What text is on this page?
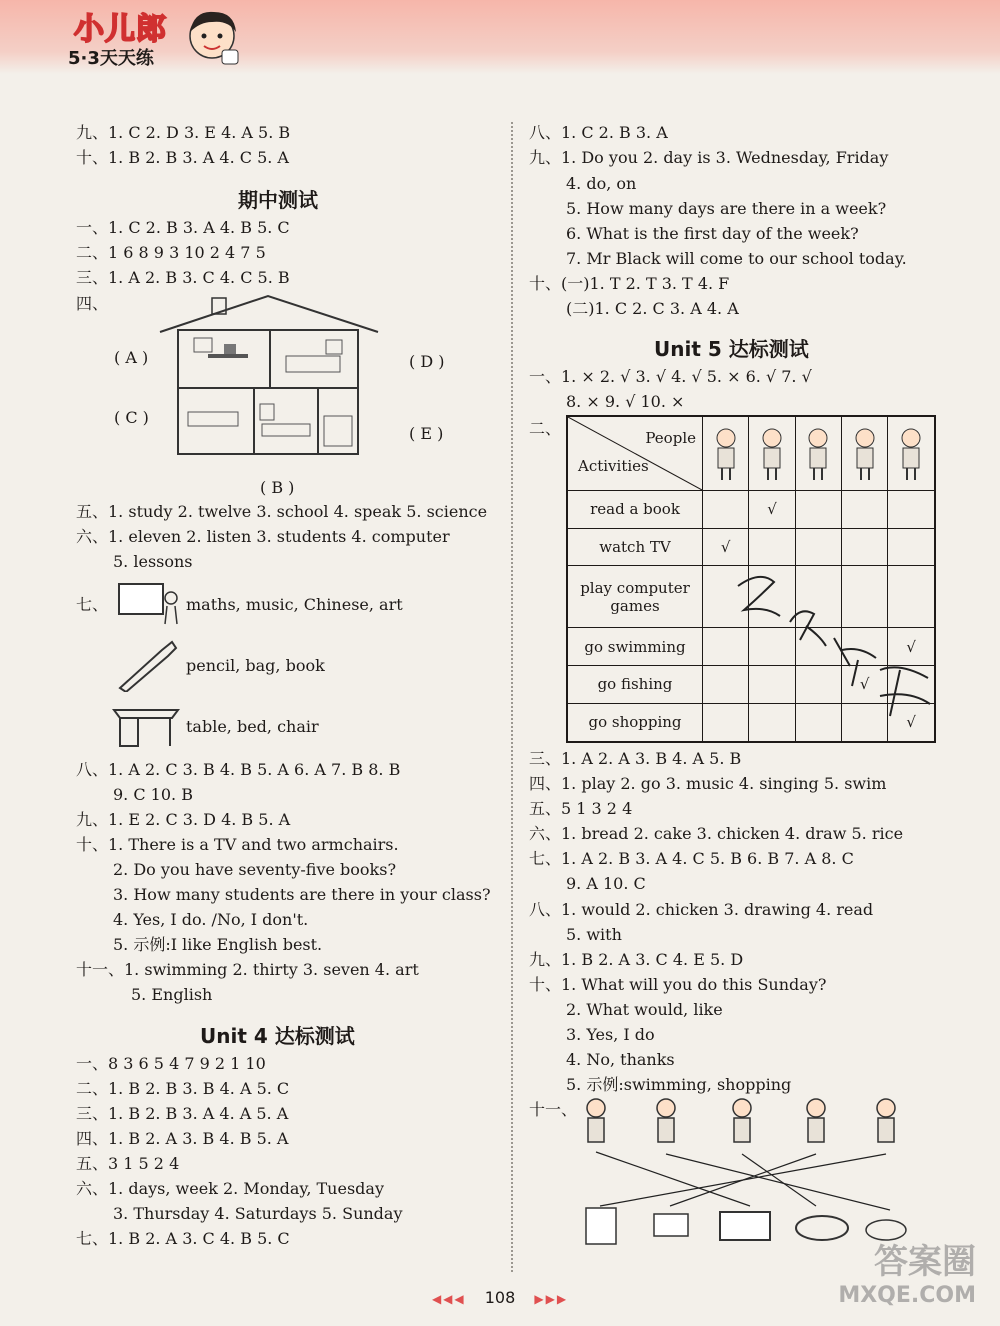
小儿郎
5·3天天练
九、1. C 2. D 3. E 4. A 5. B
十、1. B 2. B 3. A 4. C 5. A
期中测试
一、1. C 2. B 3. A 4. B 5. C
二、1 6 8 9 3 10 2 4 7 5
三、1. A 2. B 3. C 4. C 5. B
四、
( A )	( D )
( C )
( E )
( B )
五、1. study 2. twelve 3. school 4. speak 5. science
六、1. eleven 2. listen 3. students 4. computer
5. lessons
七、	maths, music, Chinese, art
pencil, bag, book
table, bed, chair
八、1. A 2. C 3. B 4. B 5. A 6. A 7. B 8. B
9. C 10. B
九、1. E 2. C 3. D 4. B 5. A
十、1. There is a TV and two armchairs.
2. Do you have seventy-five books?
3. How many students are there in your class?
4. Yes, I do. /No, I don't.
5. 示例:I like English best.
十一、1. swimming 2. thirty 3. seven 4. art
5. English
Unit 4 达标测试
一、8 3 6 5 4 7 9 2 1 10
二、1. B 2. B 3. B 4. A 5. C
三、1. B 2. B 3. A 4. A 5. A
四、1. B 2. A 3. B 4. B 5. A
五、3 1 5 2 4
六、1. days, week 2. Monday, Tuesday
3. Thursday 4. Saturdays 5. Sunday
七、1. B 2. A 3. C 4. B 5. C
八、1. C 2. B 3. A
九、1. Do you 2. day is 3. Wednesday, Friday
4. do, on
5. How many days are there in a week?
6. What is the first day of the week?
7. Mr Black will come to our school today.
十、(一)1. T 2. T 3. T 4. F
(二)1. C 2. C 3. A 4. A
Unit 5 达标测试
一、1. × 2. √ 3. √ 4. √ 5. × 6. √ 7. √
8. × 9. √ 10. ×
二、	People
Activities

read a book		√			
watch TV	√				
play computer games					
go swimming					√
go fishing				√	
go shopping					√
三、1. A 2. A 3. B 4. A 5. B
四、1. play 2. go 3. music 4. singing 5. swim
五、5 1 3 2 4
六、1. bread 2. cake 3. chicken 4. draw 5. rice
七、1. A 2. B 3. A 4. C 5. B 6. B 7. A 8. C
9. A 10. C
八、1. would 2. chicken 3. drawing 4. read
5. with
九、1. B 2. A 3. C 4. E 5. D
十、1. What will you do this Sunday?
2. What would, like
3. Yes, I do
4. No, thanks
5. 示例:swimming, shopping
十一、
◀◀◀ 108 ▶▶▶
答案圈
MXQE.COM
